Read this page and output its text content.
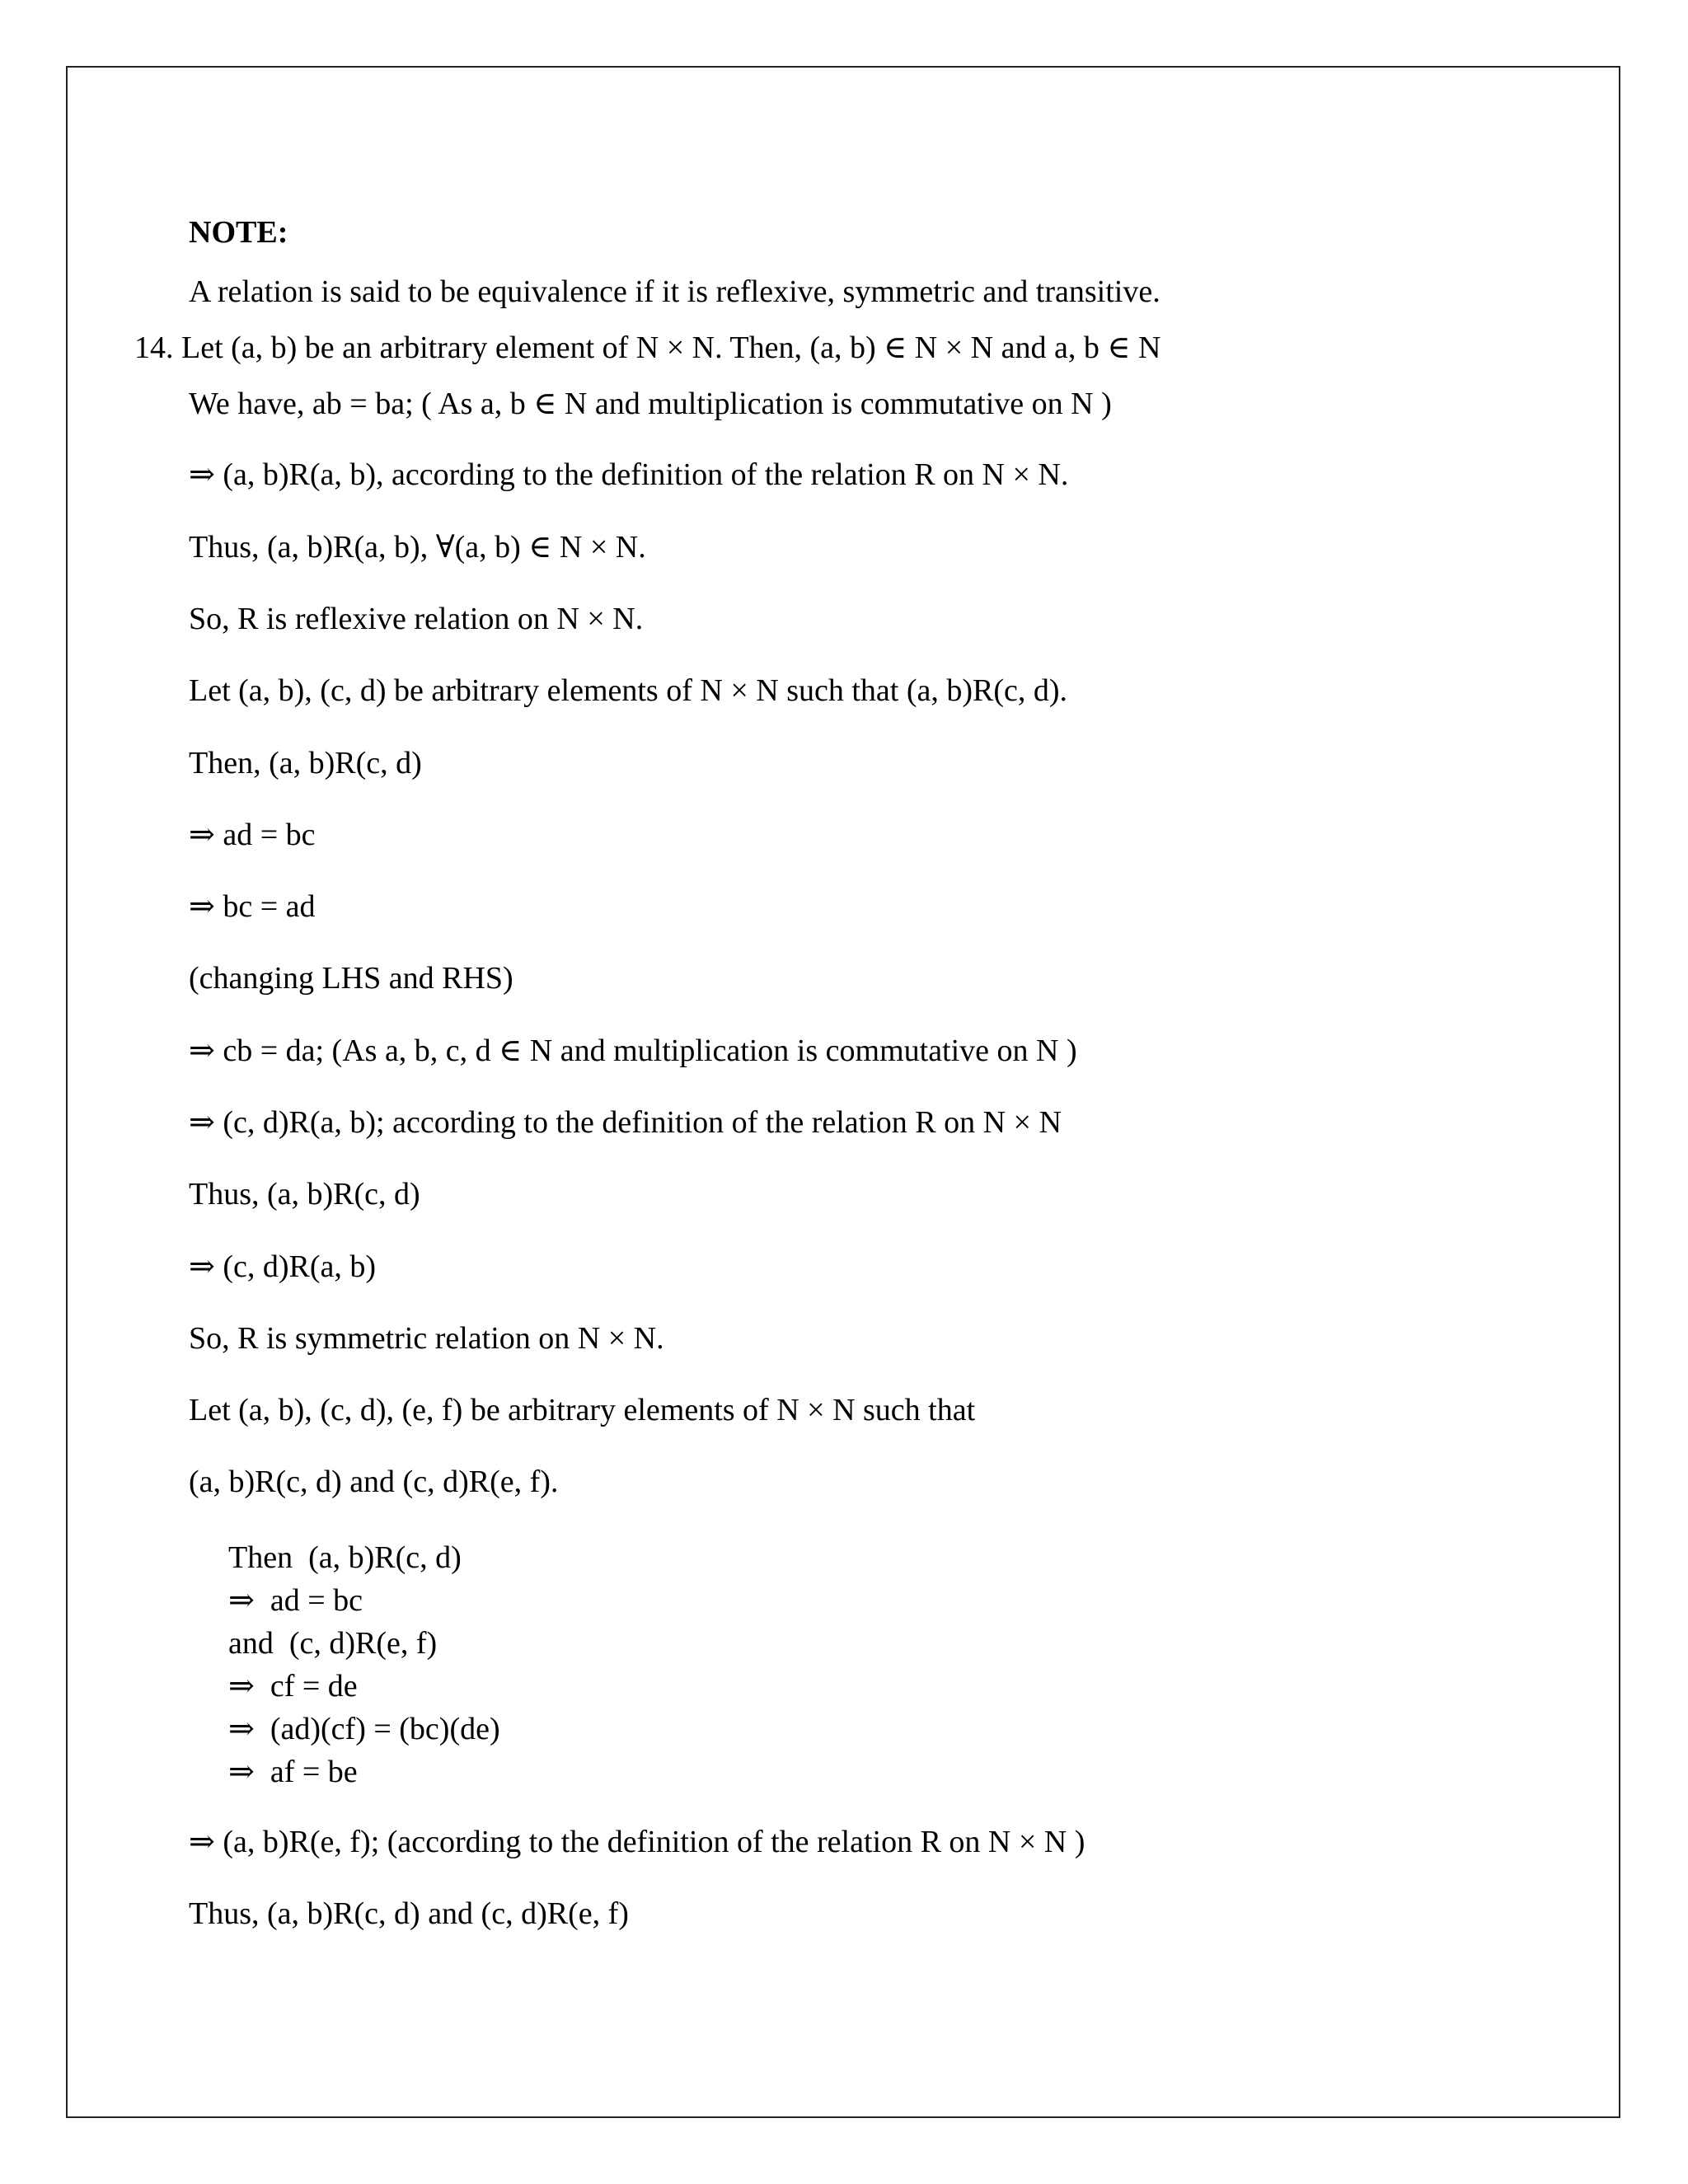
NOTE:
A relation is said to be equivalence if it is reflexive, symmetric and transitive.
14. Let (a, b) be an arbitrary element of N × N. Then, (a, b) ∈ N × N and a, b ∈ N
We have, ab = ba; ( As a, b ∈ N and multiplication is commutative on N )
⇒ (a, b)R(a, b), according to the definition of the relation R on N × N.
Thus, (a, b)R(a, b), ∀(a, b) ∈ N × N.
So, R is reflexive relation on N × N.
Let (a, b), (c, d) be arbitrary elements of N × N such that (a, b)R(c, d).
Then, (a, b)R(c, d)
⇒ ad = bc
⇒ bc = ad
(changing LHS and RHS)
⇒ cb = da; (As a, b, c, d ∈ N and multiplication is commutative on N )
⇒ (c, d)R(a, b); according to the definition of the relation R on N × N
Thus, (a, b)R(c, d)
⇒ (c, d)R(a, b)
So, R is symmetric relation on N × N.
Let (a, b), (c, d), (e, f) be arbitrary elements of N × N such that
(a, b)R(c, d) and (c, d)R(e, f).
Then  (a, b)R(c, d)
⇒  ad = bc
and  (c, d)R(e, f)
⇒  cf = de
⇒  (ad)(cf) = (bc)(de)
⇒  af = be
⇒ (a, b)R(e, f); (according to the definition of the relation R on N × N )
Thus, (a, b)R(c, d) and (c, d)R(e, f)
